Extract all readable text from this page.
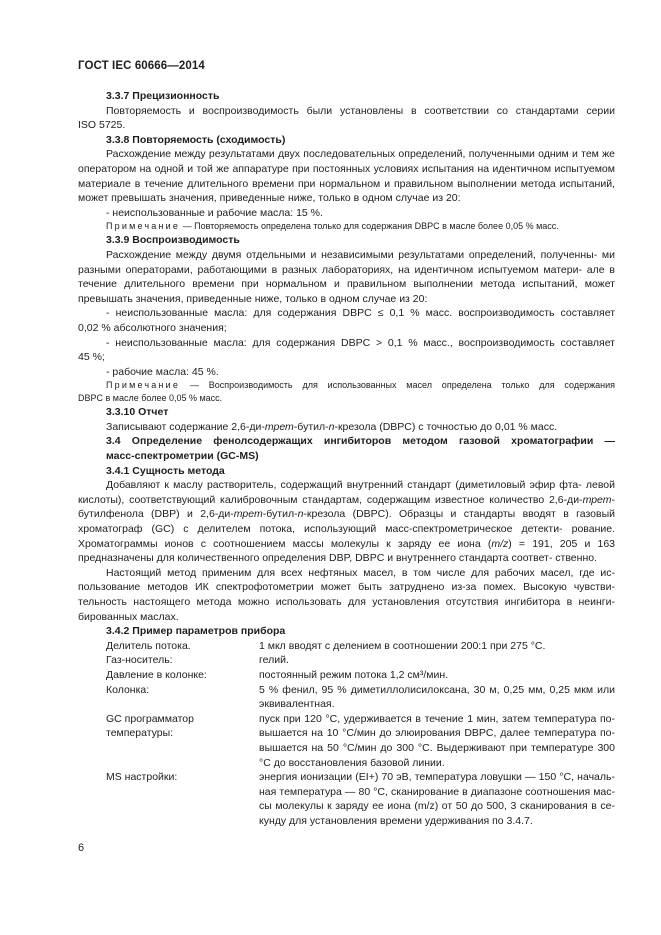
ГОСТ IEC 60666—2014

3.3.7 Прецизионность

Повторяемость и воспроизводимость были установлены в соответствии со стандартами серии

ISO 5725.

3.3.8 Повторяемость (сходимость)

Расхождение между результатами двух последовательных определений, полученными одним и тем же оператором на одной и той же аппаратуре при постоянных условиях испытания на идентичном испытуемом материале в течение длительного времени при нормальном и правильном выполнении метода испытаний, может превышать значения, приведенные ниже, только в одном случае из 20:

- неиспользованные и рабочие масла: 15 %.

Примечание — Повторяемость определена только для содержания DBPC в масле более 0,05 % масс.

3.3.9 Воспроизводимость

Расхождение между двумя отдельными и независимыми результатами определений, полученны- ми разными операторами, работающими в разных лабораториях, на идентичном испытуемом матери- але в течение длительного времени при нормальном и правильном выполнении метода испытаний, может превышать значения, приведенные ниже, только в одном случае из 20:

- неиспользованные масла: для содержания DBPC ≤ 0,1 % масс. воспроизводимость составляет

0,02 % абсолютного значения;

- неиспользованные масла: для содержания DBPC > 0,1 % масс., воспроизводимость составляет

45 %;

- рабочие масла: 45 %.

Примечание — Воспроизводимость для использованных масел определена только для содержания

DBPC в масле более 0,05 % масс.

3.3.10 Отчет

Записывают содержание 2,6-ди-трет-бутил-n-крезола (DBPC) с точностью до 0,01 % масс.

3.4 Определение фенолсодержащих ингибиторов методом газовой хроматографии —

масс-спектрометрии (GC-MS)

3.4.1 Сущность метода

Добавляют к маслу растворитель, содержащий внутренний стандарт (диметиловый эфир фта- левой кислоты), соответствующий калибровочным стандартам, содержащим известное количество 2,6-ди-трет-бутилфенола (DBP) и 2,6-ди-трет-бутил-n-крезола (DBPC). Образцы и стандарты вводят в газовый хроматограф (GC) с делителем потока, использующий масс-спектрометрическое детекти- рование. Хроматограммы ионов с соотношением массы молекулы к заряду ее иона (m/z) = 191, 205 и 163 предназначены для количественного определения DBP, DBPC и внутреннего стандарта соответ- ственно.

Настоящий метод применим для всех нефтяных масел, в том числе для рабочих масел, где ис- пользование методов ИК спектрофотометрии может быть затруднено из-за помех. Высокую чувстви- тельность настоящего метода можно использовать для установления отсутствия ингибитора в неинги- бированных маслах.

3.4.2 Пример параметров прибора

Делитель потока.	1 мкл вводят с делением в соотношении 200:1 при 275 °C.
Газ-носитель:	гелий.
Давление в колонке:	постоянный режим потока 1,2 см³/мин.
Колонка:	5 % фенил, 95 % диметиллолисилоксана, 30 м, 0,25 мм, 0,25 мкм или эквивалентная.
GC программатор температуры:	пуск при 120 °C, удерживается в течение 1 мин, затем температура по- вышается на 10 °C/мин до элюирования DBPC, далее температура по- вышается на 50 °C/мин до 300 °C. Выдерживают при температуре 300 °C до восстановления базовой линии.
MS настройки:	энергия ионизации (EI+) 70 эВ, температура ловушки — 150 °C, началь- ная температура — 80 °C, сканирование в диапазоне соотношения мас- сы молекулы к заряду ее иона (m/z) от 50 до 500, 3 сканирования в се- кунду для установления времени удерживания по 3.4.7.
6
